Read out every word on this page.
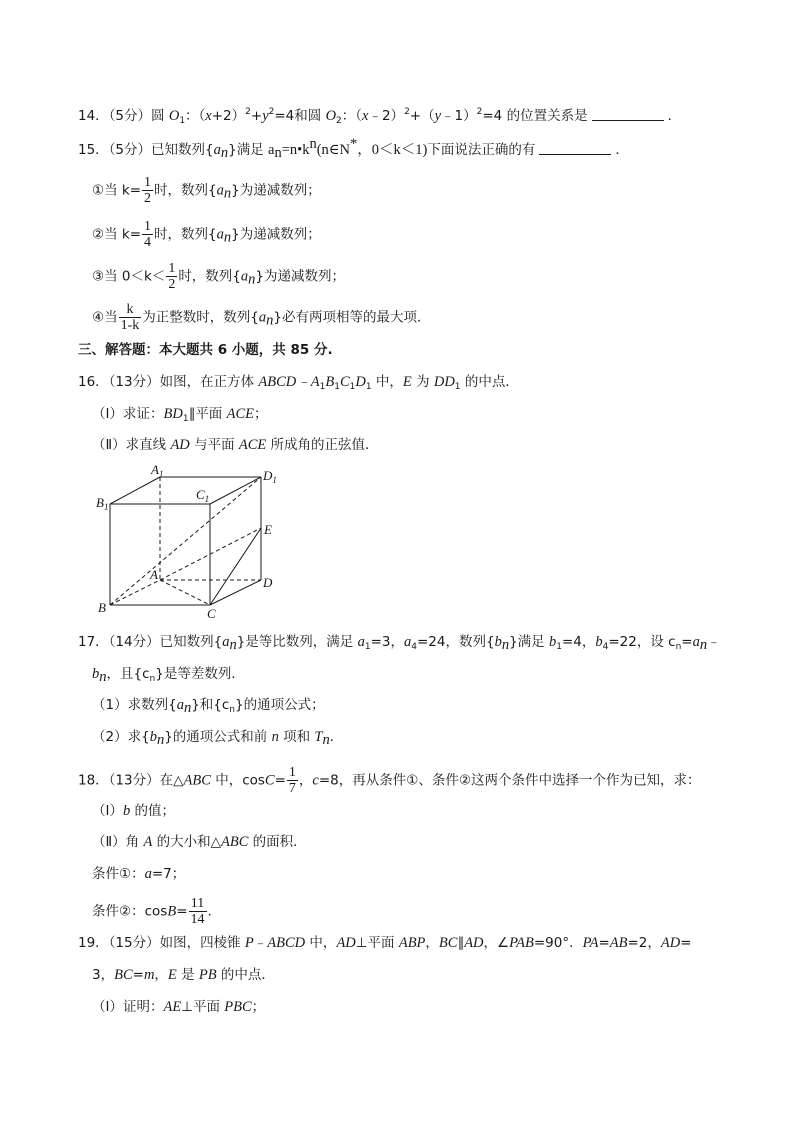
14．（5分）圆 $O_1$：$(x+2)^2+y^2=4$和圆 $O_2$：（x﹣2）$^2$+（y﹣1）$^2$=4 的位置关系是	．
15．（5分）已知数列{an}满足 an=n•kn(n∈N*，0＜k＜1)下面说法正确的有	．
①当 $k= \frac{1}{2}$ 时，数列{an}为递减数列；
②当 $k= \frac{1}{4}$ 时，数列{an}为递减数列；
③当 $0<k< \frac{1}{2}$ 时，数列{an}为递减数列；
④当 $\frac{k}{1-k}$ 为正整数时，数列{an}必有两项相等的最大项．
三、解答题：本大题共 6 小题，共 85 分.
16．（13分）如图，在正方体 $ABCD﹣A_1B_1C_1D_1$ 中，E 为 $DD_1$ 的中点．
（Ⅰ）求证：$BD_1\parallel$平面 ACE；
（Ⅱ）求直线 AD 与平面 ACE 所成角的正弦值．
$A_1$	$D_1$
$B_1$
$C_1$
E
A
D
B	C
17．（14分）已知数列{an}是等比数列，满足 $a_1=3$，$a_4=24$，数列{bn}满足 $b_1=4$，$b_4=22$，设 $c_n=an﹣$
bn，且$\{c_n\}$是等差数列．
（1）求数列{an}和$\{c_n\}$的通项公式；
（2）求{bn}的通项公式和前 n 项和 Tn．
18．（13分）在△ABC 中，$\cos C= \frac{1}{7}$ ，c=8，再从条件①、条件②这两个条件中选择一个作为已知，求：
（Ⅰ）b 的值；
（Ⅱ）角 A 的大小和△ABC 的面积．
条件①：a=7；
条件②：$\cos B= \frac{11}{14}$ .
19．（15分）如图，四棱锥 P﹣ABCD 中，AD⊥平面 ABP，BC∥AD，∠PAB=90°．PA=AB=2，AD=
3，BC=m，E 是 PB 的中点．
（Ⅰ）证明：AE⊥平面 PBC；
